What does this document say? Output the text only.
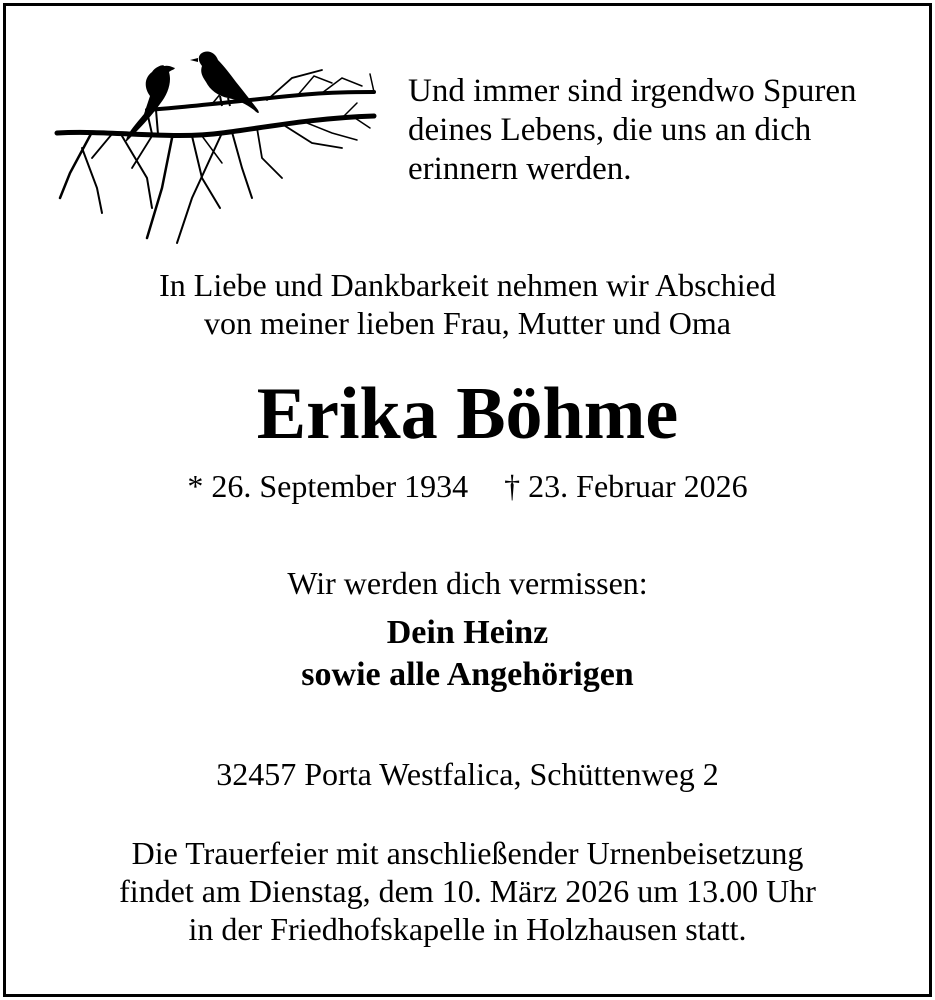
Und immer sind irgendwo Spuren
deines Lebens, die uns an dich
erinnern werden.
In Liebe und Dankbarkeit nehmen wir Abschied
von meiner lieben Frau, Mutter und Oma
Erika Böhme
* 26. September 1934 † 23. Februar 2026
Wir werden dich vermissen:
Dein Heinz
sowie alle Angehörigen
32457 Porta Westfalica, Schüttenweg 2
Die Trauerfeier mit anschließender Urnenbeisetzung
findet am Dienstag, dem 10. März 2026 um 13.00 Uhr
in der Friedhofskapelle in Holzhausen statt.
